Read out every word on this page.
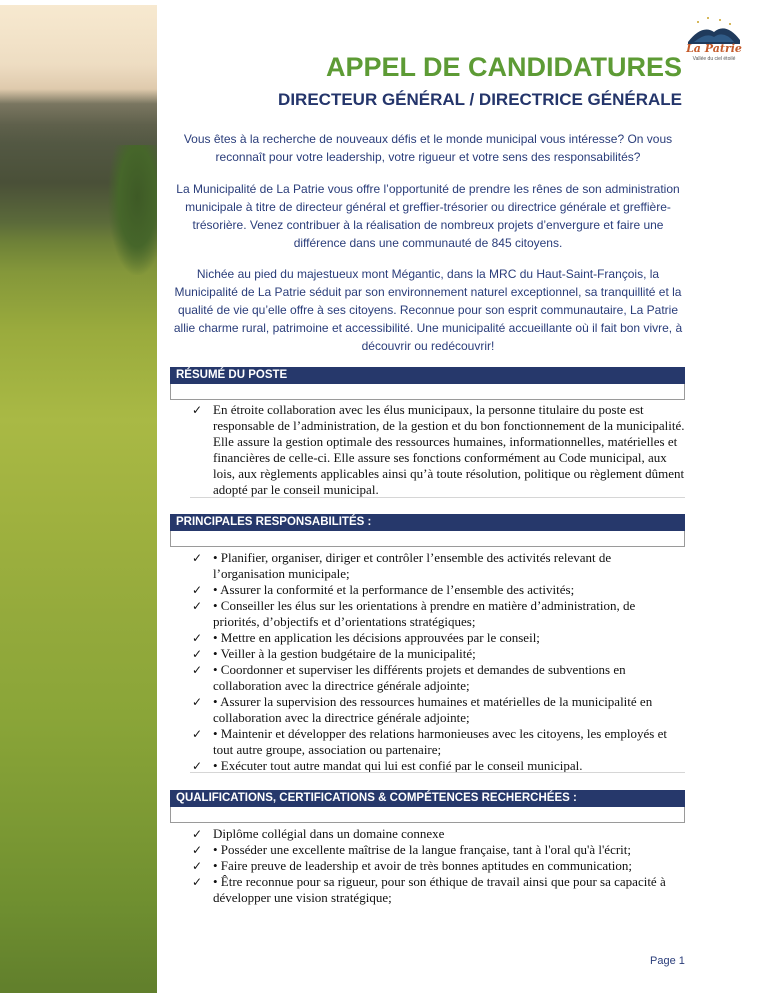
La Patrie
Vallée du ciel étoilé
APPEL DE CANDIDATURES
DIRECTEUR GÉNÉRAL / DIRECTRICE GÉNÉRALE

Vous êtes à la recherche de nouveaux défis et le monde municipal vous intéresse? On vous reconnaît pour votre leadership, votre rigueur et votre sens des responsabilités?

La Municipalité de La Patrie vous offre l’opportunité de prendre les rênes de son administration municipale à titre de directeur général et greffier-trésorier ou directrice générale et greffière-trésorière. Venez contribuer à la réalisation de nombreux projets d’envergure et faire une différence dans une communauté de 845 citoyens.

Nichée au pied du majestueux mont Mégantic, dans la MRC du Haut-Saint-François, la Municipalité de La Patrie séduit par son environnement naturel exceptionnel, sa tranquillité et la qualité de vie qu’elle offre à ses citoyens. Reconnue pour son esprit communautaire, La Patrie allie charme rural, patrimoine et accessibilité. Une municipalité accueillante où il fait bon vivre, à découvrir ou redécouvrir!

RÉSUMÉ DU POSTE
✓ En étroite collaboration avec les élus municipaux, la personne titulaire du poste est responsable de l’administration, de la gestion et du bon fonctionnement de la municipalité. Elle assure la gestion optimale des ressources humaines, informationnelles, matérielles et financières de celle-ci. Elle assure ses fonctions conformément au Code municipal, aux lois, aux règlements applicables ainsi qu’à toute résolution, politique ou règlement dûment adopté par le conseil municipal.
PRINCIPALES RESPONSABILITÉS :
✓ • Planifier, organiser, diriger et contrôler l’ensemble des activités relevant de l’organisation municipale;
✓ • Assurer la conformité et la performance de l’ensemble des activités;
✓ • Conseiller les élus sur les orientations à prendre en matière d’administration, de priorités, d’objectifs et d’orientations stratégiques;
✓ • Mettre en application les décisions approuvées par le conseil;
✓ • Veiller à la gestion budgétaire de la municipalité;
✓ • Coordonner et superviser les différents projets et demandes de subventions en collaboration avec la directrice générale adjointe;
✓ • Assurer la supervision des ressources humaines et matérielles de la municipalité en collaboration avec la directrice générale adjointe;
✓ • Maintenir et développer des relations harmonieuses avec les citoyens, les employés et tout autre groupe, association ou partenaire;
✓ • Exécuter tout autre mandat qui lui est confié par le conseil municipal.
QUALIFICATIONS, CERTIFICATIONS & COMPÉTENCES RECHERCHÉES :
✓ Diplôme collégial dans un domaine connexe
✓ • Posséder une excellente maîtrise de la langue française, tant à l'oral qu'à l'écrit;
✓ • Faire preuve de leadership et avoir de très bonnes aptitudes en communication;
✓ • Être reconnue pour sa rigueur, pour son éthique de travail ainsi que pour sa capacité à développer une vision stratégique;
Page 1
